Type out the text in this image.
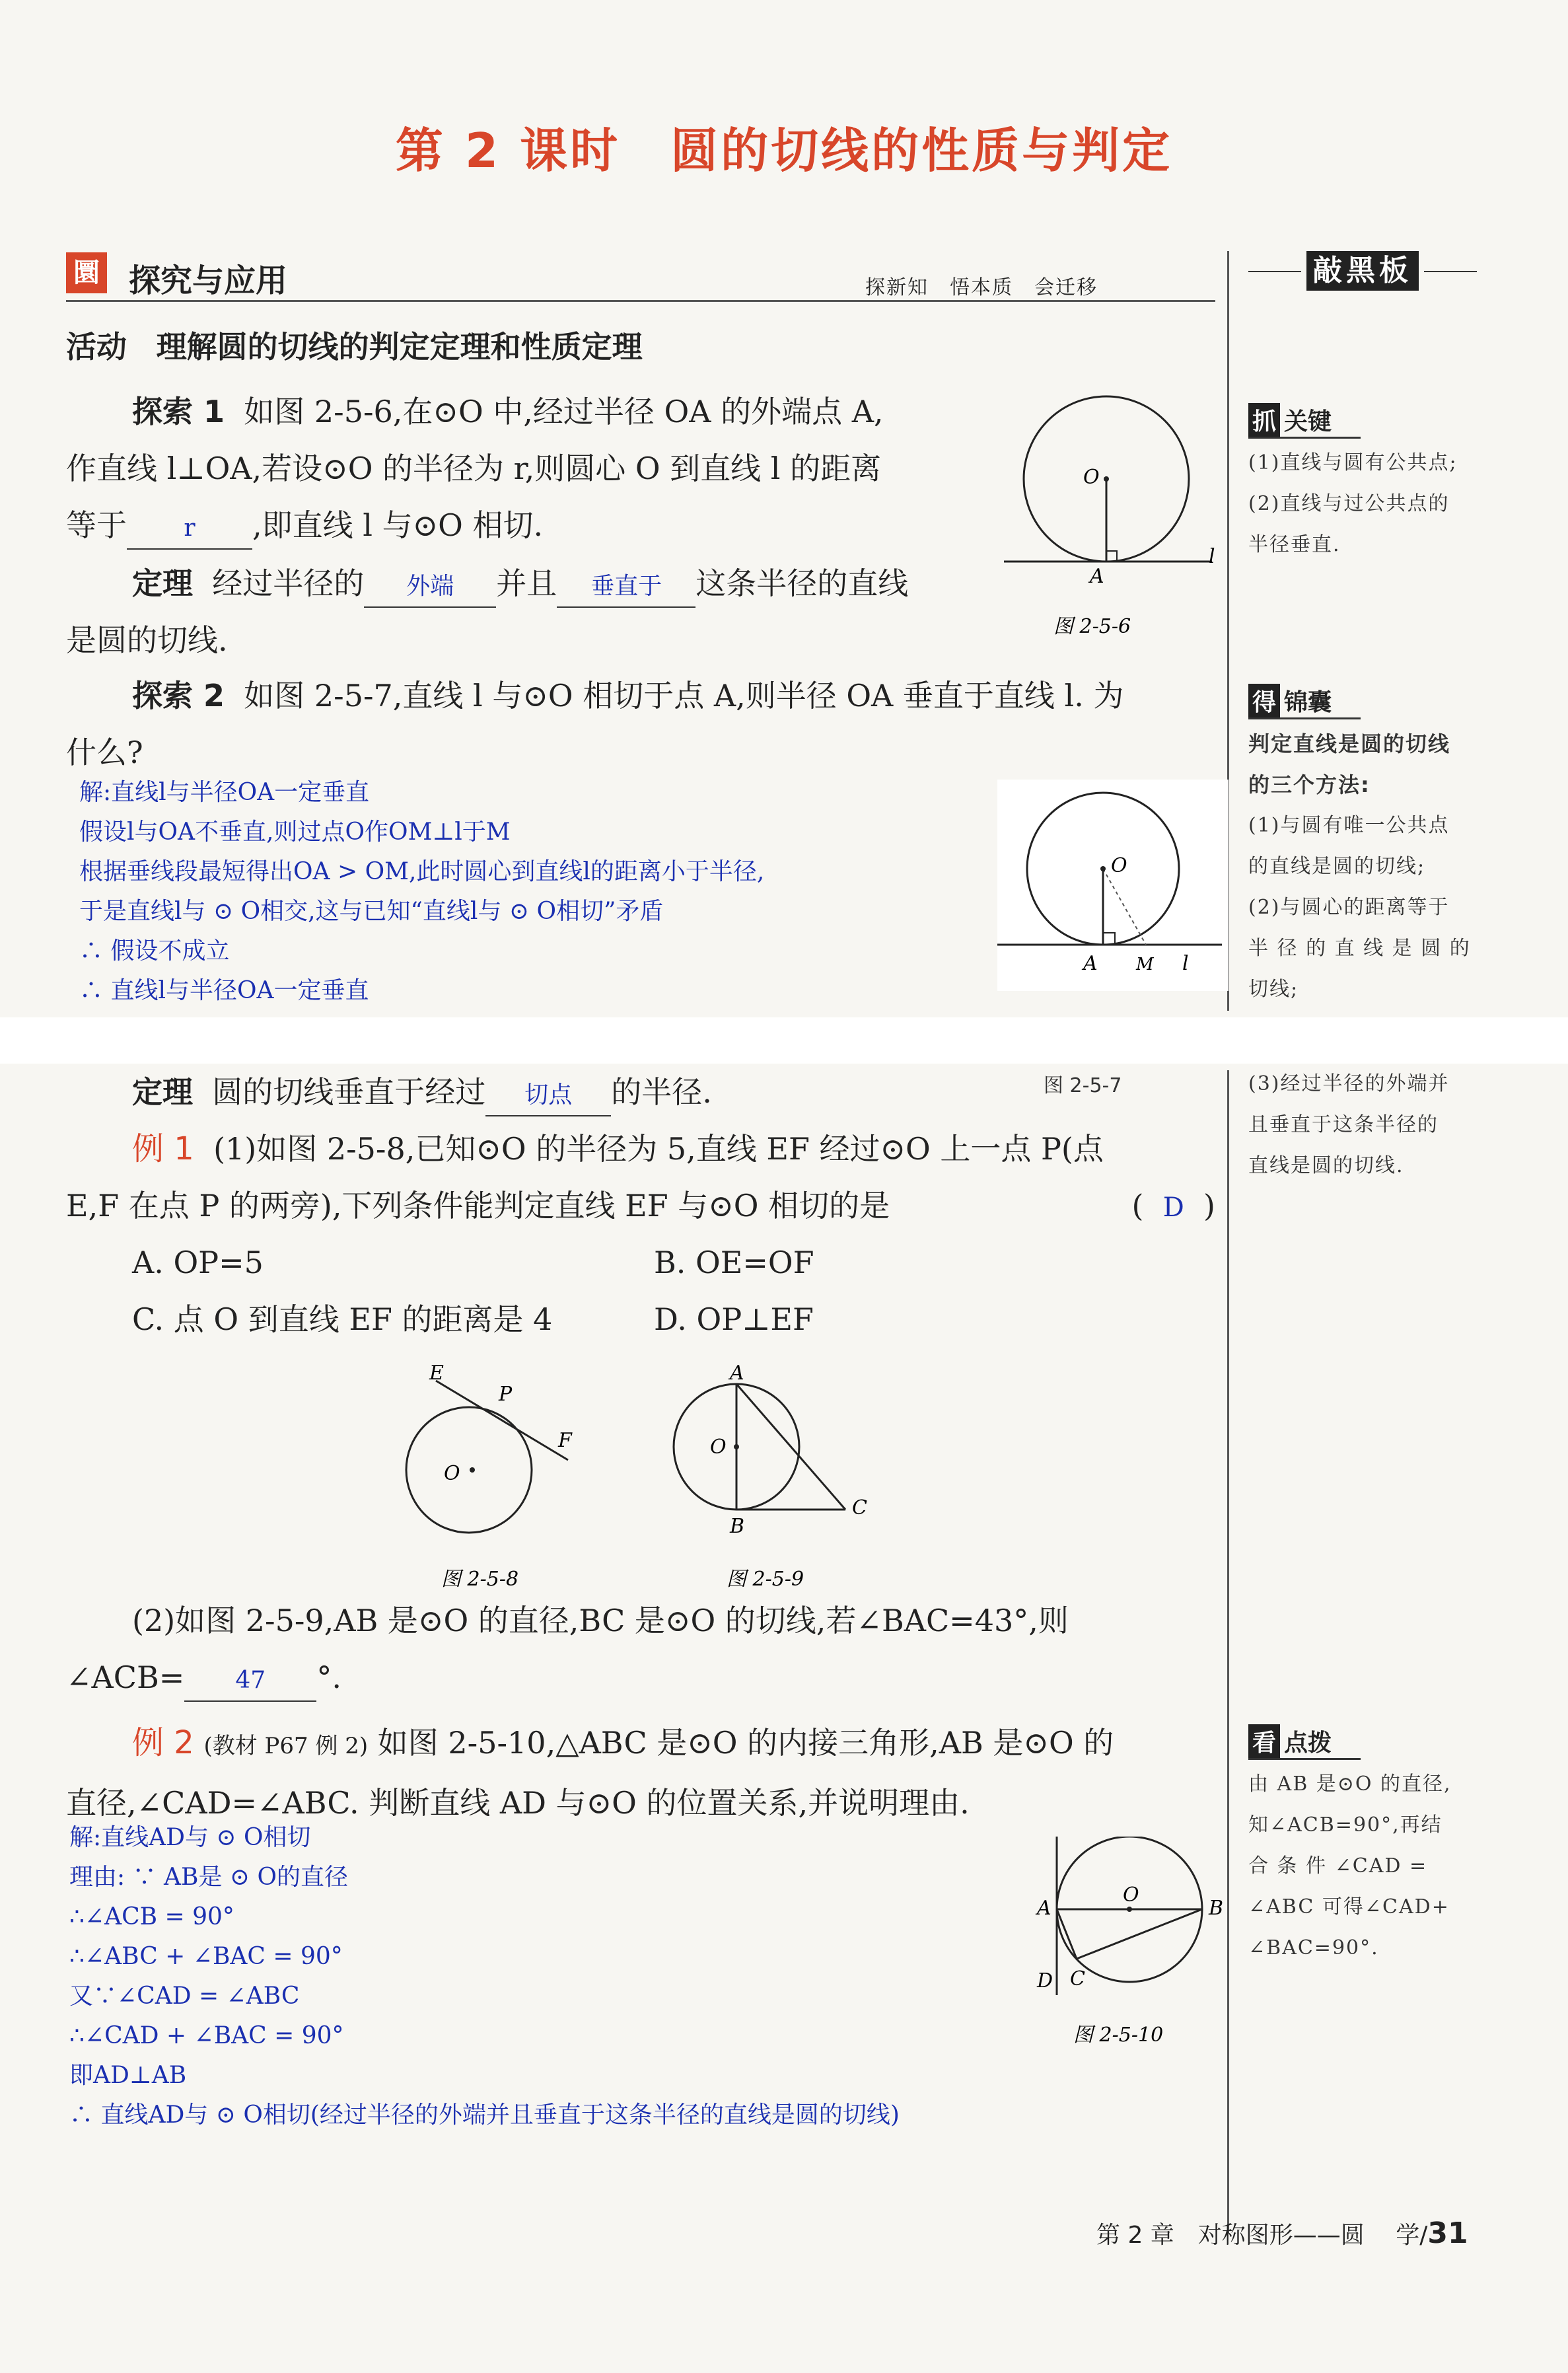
第 2 课时　圆的切线的性质与判定
圜 探究与应用	探新知　悟本质　会迁移
敲黑板
活动 理解圆的切线的判定定理和性质定理
探索 1 如图 2-5-6,在⊙O 中,经过半径 OA 的外端点 A,
作直线 l⊥OA,若设⊙O 的半径为 r,则圆心 O 到直线 l 的距离
等于 r ,即直线 l 与⊙O 相切.
定理 经过半径的 外端 并且 垂直于 这条半径的直线
是圆的切线.
O
A
l
图 2-5-6
探索 2 如图 2-5-7,直线 l 与⊙O 相切于点 A,则半径 OA 垂直于直线 l. 为
什么?
解:直线l与半径OA一定垂直
假设l与OA不垂直,则过点O作OM⊥l于M
根据垂线段最短得出OA > OM,此时圆心到直线l的距离小于半径,
于是直线l与 ⊙ O相交,这与已知“直线l与 ⊙ O相切”矛盾
∴ 假设不成立
∴ 直线l与半径OA一定垂直
O
A M l
定理 圆的切线垂直于经过 切点 的半径.	图 2-5-7
例 1 (1)如图 2-5-8,已知⊙O 的半径为 5,直线 EF 经过⊙O 上一点 P(点
E,F 在点 P 的两旁),下列条件能判定直线 EF 与⊙O 相切的是	(  D  )
A. OP=5	B. OE=OF
C. 点 O 到直线 EF 的距离是 4	D. OP⊥EF
E
P
F
O
图 2-5-8
A
O
B
C
图 2-5-9
(2)如图 2-5-9,AB 是⊙O 的直径,BC 是⊙O 的切线,若∠BAC=43°,则
∠ACB= 47 °.
例 2 (教材 P67 例 2) 如图 2-5-10,△ABC 是⊙O 的内接三角形,AB 是⊙O 的
直径,∠CAD=∠ABC. 判断直线 AD 与⊙O 的位置关系,并说明理由.
解:直线AD与 ⊙ O相切
理由: ∵ AB是 ⊙ O的直径
∴∠ACB = 90°
∴∠ABC + ∠BAC = 90°
又∵∠CAD = ∠ABC
∴∠CAD + ∠BAC = 90°
即AD⊥AB
∴ 直线AD与 ⊙ O相切(经过半径的外端并且垂直于这条半径的直线是圆的切线)
A
O
B
D C
图 2-5-10
抓 关键
(1)直线与圆有公共点;
(2)直线与过公共点的
半径垂直.
得 锦囊
判定直线是圆的切线
的三个方法:
(1)与圆有唯一公共点
的直线是圆的切线;
(2)与圆心的距离等于
半 径 的 直 线 是 圆 的
切线;
(3)经过半径的外端并
且垂直于这条半径的
直线是圆的切线.
看 点拨
由 AB 是⊙O 的直径,
知∠ACB=90°,再结
合 条 件 ∠CAD =
∠ABC 可得∠CAD+
∠BAC=90°.
第 2 章　对称图形——圆 学/31
